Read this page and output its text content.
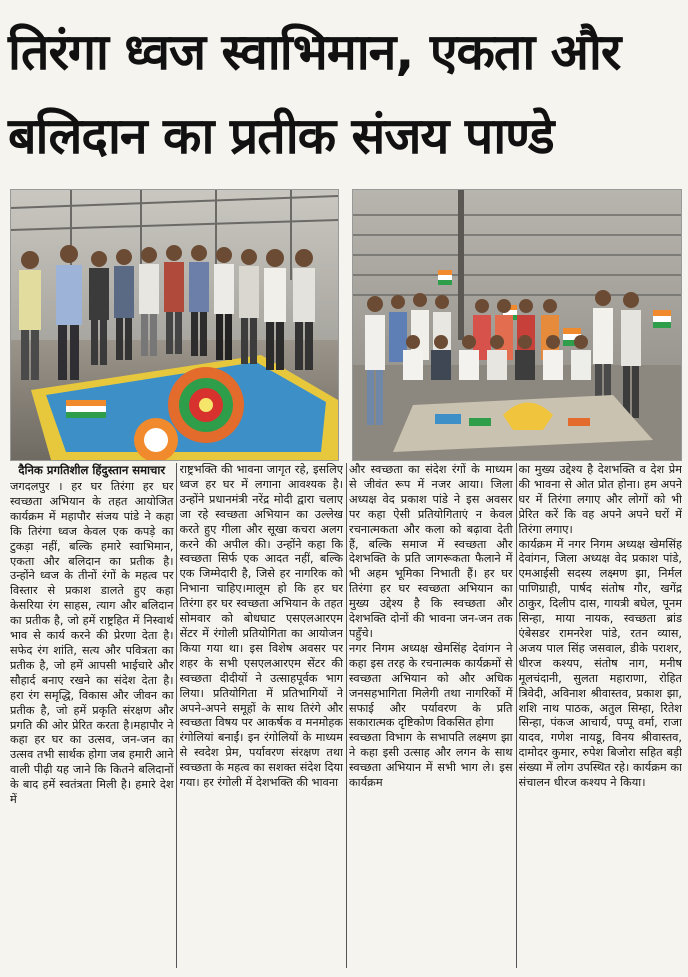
तिरंगा ध्वज स्वाभिमान, एकता और
बलिदान का प्रतीक संजय पाण्डे

दैनिक प्रगतिशील हिंदुस्तान समाचार

जगदलपुर । हर घर तिरंगा हर घर स्वच्छता अभियान के तहत आयोजित कार्यक्रम में महापौर संजय पांडे ने कहा कि तिरंगा ध्वज केवल एक कपड़े का टुकड़ा नहीं, बल्कि हमारे स्वाभिमान, एकता और बलिदान का प्रतीक है। उन्होंने ध्वज के तीनों रंगों के महत्व पर विस्तार से प्रकाश डालते हुए कहा केसरिया रंग साहस, त्याग और बलिदान का प्रतीक है, जो हमें राष्ट्रहित में निस्वार्थ भाव से कार्य करने की प्रेरणा देता है। सफेद रंग शांति, सत्य और पवित्रता का प्रतीक है, जो हमें आपसी भाईचारे और सौहार्द बनाए रखने का संदेश देता है। हरा रंग समृद्धि, विकास और जीवन का प्रतीक है, जो हमें प्रकृति संरक्षण और प्रगति की ओर प्रेरित करता है।महापौर ने कहा हर घर का उत्सव, जन-जन का उत्सव तभी सार्थक होगा जब हमारी आने वाली पीढ़ी यह जाने कि कितने बलिदानों के बाद हमें स्वतंत्रता मिली है। हमारे देश में

राष्ट्रभक्ति की भावना जागृत रहे, इसलिए ध्वज हर घर में लगाना आवश्यक है।उन्होंने प्रधानमंत्री नरेंद्र मोदी द्वारा चलाए जा रहे स्वच्छता अभियान का उल्लेख करते हुए गीला और सूखा कचरा अलग करने की अपील की। उन्होंने कहा कि स्वच्छता सिर्फ एक आदत नहीं, बल्कि एक जिम्मेदारी है, जिसे हर नागरिक को निभाना चाहिए।मालूम हो कि हर घर तिरंगा हर घर स्वच्छता अभियान के तहत सोमवार को बोधघाट एसएलआरएम सेंटर में रंगोली प्रतियोगिता का आयोजन किया गया था। इस विशेष अवसर पर शहर के सभी एसएलआरएम सेंटर की स्वच्छता दीदीयों ने उत्साहपूर्वक भाग लिया। प्रतियोगिता में प्रतिभागियों ने अपने-अपने समूहों के साथ तिरंगे और स्वच्छता विषय पर आकर्षक व मनमोहक रंगोलियां बनाईं। इन रंगोलियों के माध्यम से स्वदेश प्रेम, पर्यावरण संरक्षण तथा स्वच्छता के महत्व का सशक्त संदेश दिया गया। हर रंगोली में देशभक्ति की भावना

और स्वच्छता का संदेश रंगों के माध्यम से जीवंत रूप में नजर आया। जिला अध्यक्ष वेद प्रकाश पांडे ने इस अवसर पर कहा ऐसी प्रतियोगिताएं न केवल रचनात्मकता और कला को बढ़ावा देती हैं, बल्कि समाज में स्वच्छता और देशभक्ति के प्रति जागरूकता फैलाने में भी अहम भूमिका निभाती हैं। हर घर तिरंगा हर घर स्वच्छता अभियान का मुख्य उद्देश्य है कि स्वच्छता और देशभक्ति दोनों की भावना जन-जन तक पहुँचे।

नगर निगम अध्यक्ष खेमसिंह देवांगन ने कहा इस तरह के रचनात्मक कार्यक्रमों से स्वच्छता अभियान को और अधिक जनसहभागिता मिलेगी तथा नागरिकों में सफाई और पर्यावरण के प्रति सकारात्मक दृष्टिकोण विकसित होगा

स्वच्छता विभाग के सभापति लक्ष्मण झा ने कहा इसी उत्साह और लगन के साथ स्वच्छता अभियान में सभी भाग ले। इस कार्यक्रम

का मुख्य उद्देश्य है देशभक्ति व देश प्रेम की भावना से ओत प्रोत होना। हम अपने घर में तिरंगा लगाए और लोगों को भी प्रेरित करें कि वह अपने अपने घरों में तिरंगा लगाए।

कार्यक्रम में नगर निगम अध्यक्ष खेमसिंह देवांगन, जिला अध्यक्ष वेद प्रकाश पांडे, एमआईसी सदस्य लक्ष्मण झा, निर्मल पाणिग्राही, पार्षद संतोष गौर, खगेंद्र ठाकुर, दिलीप दास, गायत्री बघेल, पूनम सिन्हा, माया नायक, स्वच्छता ब्रांड एंबेसडर रामनरेश पांडे, रतन व्यास, अजय पाल सिंह जसवाल, डीके पराशर, धीरज कश्यप, संतोष नाग, मनीष मूलचंदानी, सुलता महाराणा, रोहित त्रिवेदी, अविनाश श्रीवास्तव, प्रकाश झा, शशि नाथ पाठक, अतुल सिम्हा, रितेश सिन्हा, पंकज आचार्य, पप्पू वर्मा, राजा यादव, गणेश नायडू, विनय श्रीवास्तव, दामोदर कुमार, रुपेश बिजोरा सहित बड़ी संख्या में लोग उपस्थित रहे। कार्यक्रम का संचालन धीरज कश्यप ने किया।
